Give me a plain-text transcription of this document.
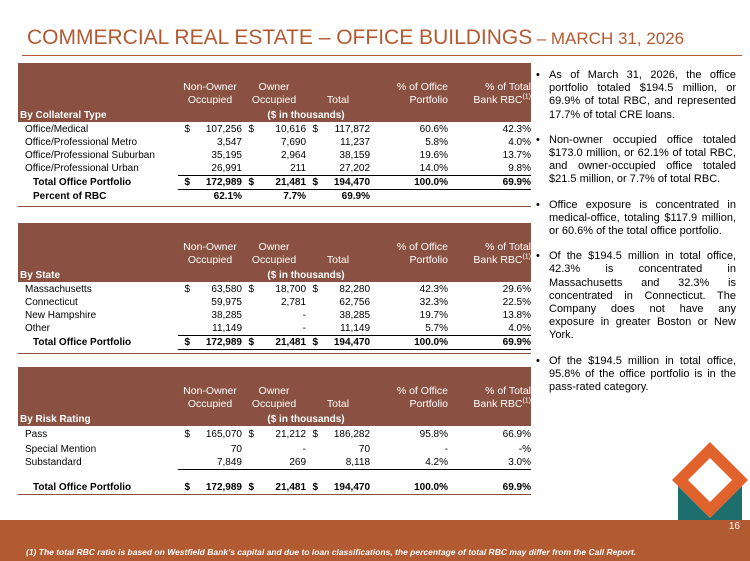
COMMERCIAL REAL ESTATE – OFFICE BUILDINGS – MARCH 31, 2026
	Non-Owner
Occupied		Owner
Occupied		Total		% of Office
Portfolio	% of Total
Bank RBC$^{(1)}$
By Collateral Type			($ in thousands)					
Office/Medical	$	107,256	$	10,616	$	117,872	60.6%	42.3%
Office/Professional Metro		3,547		7,690		11,237	5.8%	4.0%
Office/Professional Suburban		35,195		2,964		38,159	19.6%	13.7%
Office/Professional Urban		26,991		211		27,202	14.0%	9.8%
Total Office Portfolio	$	172,989	$	21,481	$	194,470	100.0%	69.9%
Percent of RBC		62.1%		7.7%		69.9%		
	Non-Owner
Occupied		Owner
Occupied		Total		% of Office
Portfolio	% of Total
Bank RBC$^{(1)}$
By State			($ in thousands)					
Massachusetts	$	63,580	$	18,700	$	82,280	42.3%	29.6%
Connecticut		59,975		2,781		62,756	32.3%	22.5%
New Hampshire		38,285		-		38,285	19.7%	13.8%
Other		11,149		-		11,149	5.7%	4.0%
Total Office Portfolio	$	172,989	$	21,481	$	194,470	100.0%	69.9%
	Non-Owner
Occupied		Owner
Occupied		Total		% of Office
Portfolio	% of Total
Bank RBC$^{(1)}$
By Risk Rating			($ in thousands)					
Pass	$	165,070	$	21,212	$	186,282	95.8%	66.9%
Special Mention		70		-		70	-	-%
Substandard		7,849		269		8,118	4.2%	3.0%

Total Office Portfolio	$	172,989	$	21,481	$	194,470	100.0%	69.9%
• As of March 31, 2026, the office portfolio totaled $194.5 million, or 69.9% of total RBC, and represented 17.7% of total CRE loans.
• Non-owner occupied office totaled $173.0 million, or 62.1% of total RBC, and owner-occupied office totaled $21.5 million, or 7.7% of total RBC.
• Office exposure is concentrated in medical-office, totaling $117.9 million, or 60.6% of the total office portfolio.
• Of the $194.5 million in total office, 42.3% is concentrated in Massachusetts and 32.3% is concentrated in Connecticut. The Company does not have any exposure in greater Boston or New York.
• Of the $194.5 million in total office, 95.8% of the office portfolio is in the pass-rated category.
16
(1) The total RBC ratio is based on Westfield Bank’s capital and due to loan classifications, the percentage of total RBC may differ from the Call Report.
